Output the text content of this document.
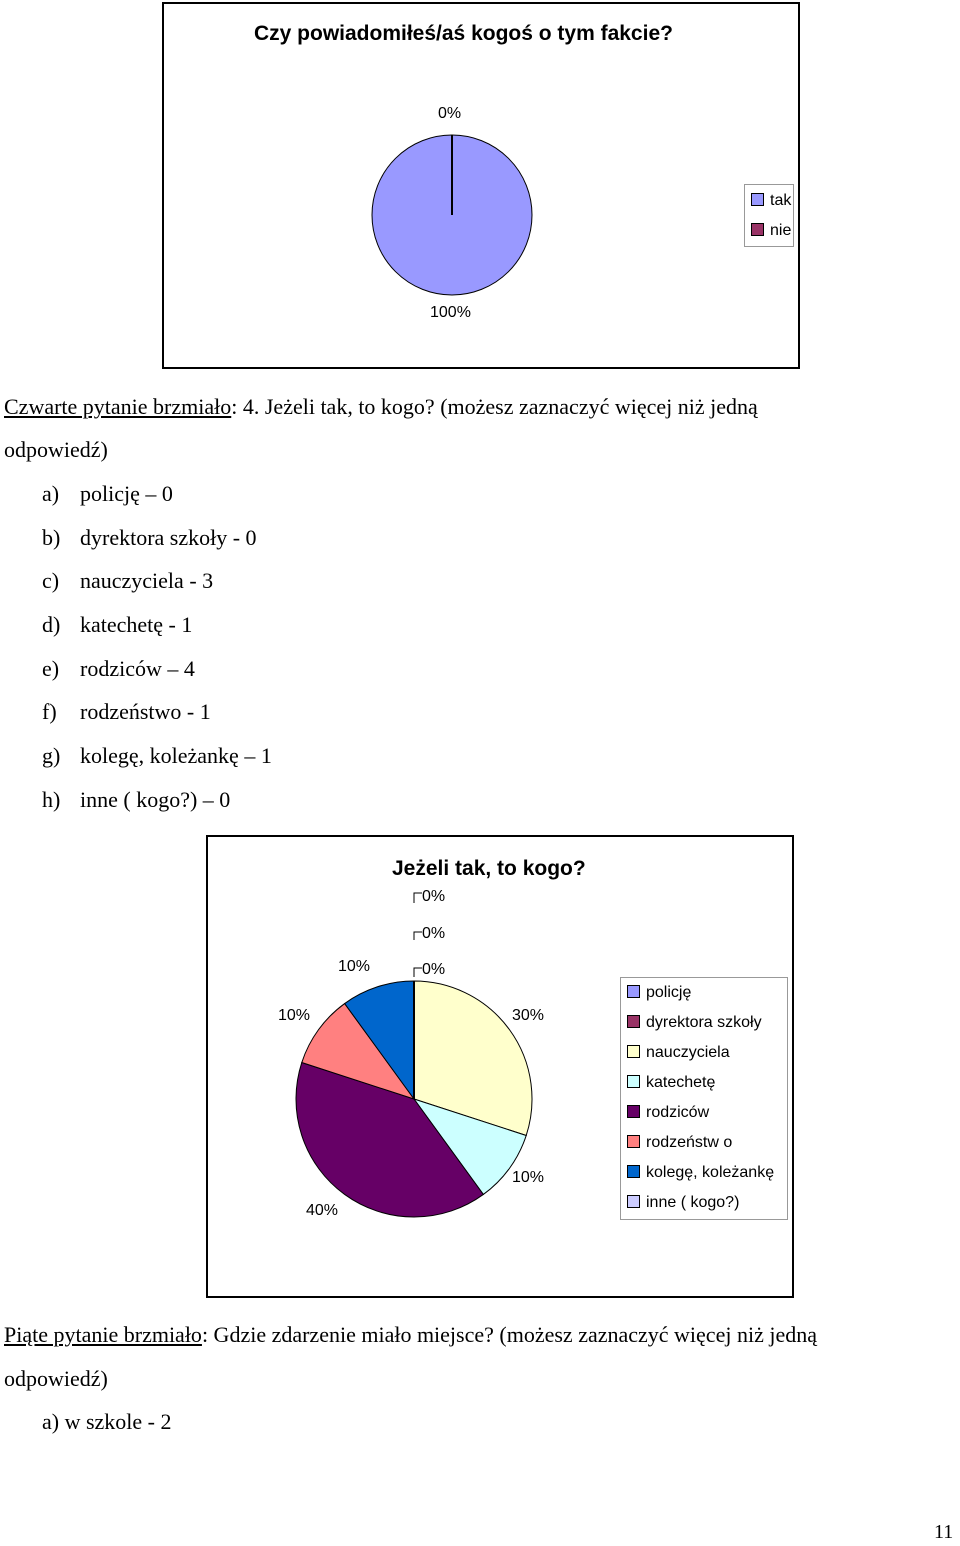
Czy powiadomiłeś/aś kogoś o tym fakcie?
0%
100%
tak
nie
Czwarte pytanie brzmiało: 4. Jeżeli tak, to kogo? (możesz zaznaczyć więcej niż jedną
odpowiedź)
a) policję – 0
b) dyrektora szkoły - 0
c) nauczyciela - 3
d) katechetę - 1
e) rodziców – 4
f) rodzeństwo - 1
g) kolegę, koleżankę – 1
h) inne ( kogo?) – 0
Jeżeli tak, to kogo?
0%
0%
0%
30%
10%
40%
10%
10%
policję
dyrektora szkoły
nauczyciela
katechetę
rodziców
rodzeństw o
kolegę, koleżankę
inne ( kogo?)
Piąte pytanie brzmiało: Gdzie zdarzenie miało miejsce? (możesz zaznaczyć więcej niż jedną
odpowiedź)
a) w szkole - 2
11
